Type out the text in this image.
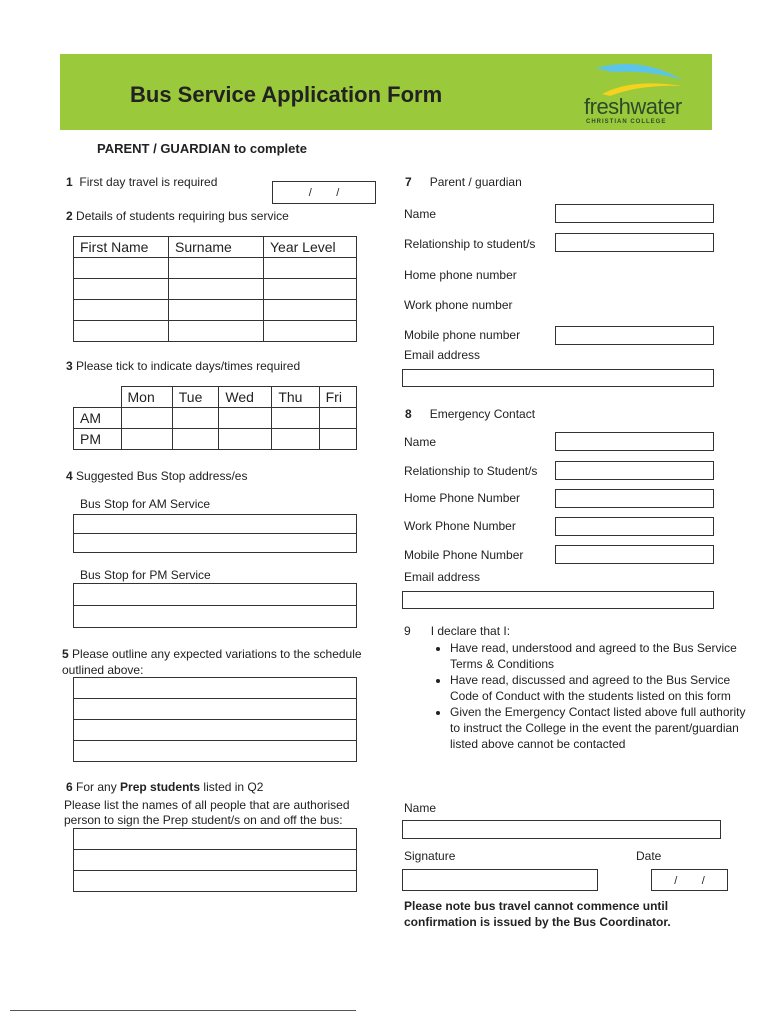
Bus Service Application Form	freshwater
CHRISTIAN COLLEGE
PARENT / GUARDIAN to complete
1 First day travel is required
/        /
2 Details of students requiring bus service
First Name	Surname	Year Level

3 Please tick to indicate days/times required
	Mon	Tue	Wed	Thu	Fri
AM					
PM					
4 Suggested Bus Stop address/es
Bus Stop for AM Service
Bus Stop for PM Service
5 Please outline any expected variations to the schedule outlined above:
6 For any Prep students listed in Q2
Please list the names of all people that are authorised person to sign the Prep student/s on and off the bus:
7 Parent / guardian
Name
Relationship to student/s
Home phone number
Work phone number
Mobile phone number
Email address
8 Emergency Contact
Name
Relationship to Student/s
Home Phone Number
Work Phone Number
Mobile Phone Number
Email address
9 I declare that I:
• Have read, understood and agreed to the Bus Service Terms & Conditions
• Have read, discussed and agreed to the Bus Service Code of Conduct with the students listed on this form
• Given the Emergency Contact listed above full authority to instruct the College in the event the parent/guardian listed above cannot be contacted
Name
Signature	Date
/        /
Please note bus travel cannot commence until confirmation is issued by the Bus Coordinator.
